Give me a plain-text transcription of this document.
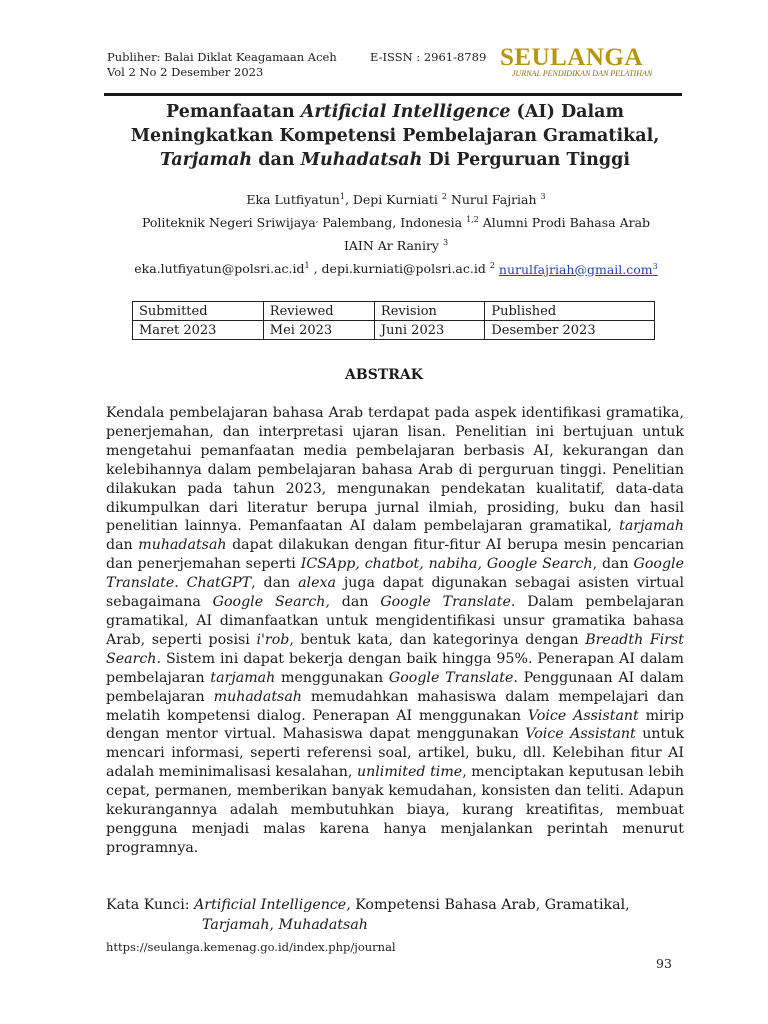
Publiher: Balai Diklat Keagamaan Aceh
Vol 2 No 2 Desember 2023
E-ISSN : 2961-8789 SEULANGA
JURNAL PENDIDIKAN DAN PELATIHAN
Pemanfaatan Artificial Intelligence (AI) Dalam
Meningkatkan Kompetensi Pembelajaran Gramatikal,
Tarjamah dan Muhadatsah Di Perguruan Tinggi
Eka Lutfiyatun$^1$, Depi Kurniati $^2$ Nurul Fajriah $^3$
Politeknik Negeri Sriwijaya, Palembang, Indonesia $^{1,2}$ Alumni Prodi Bahasa Arab
IAIN Ar Raniry $^3$
$eka.lutfiyatun@polsri.ac.id^1$ , depi.kurniati@polsri.ac.id $^2$ nurulfajriah@gmail.com$^3$
Submitted	Reviewed	Revision	Published
Maret 2023	Mei 2023	Juni 2023	Desember 2023
ABSTRAK

Kendala pembelajaran bahasa Arab terdapat pada aspek identifikasi gramatika, penerjemahan, dan interpretasi ujaran lisan. Penelitian ini bertujuan untuk mengetahui pemanfaatan media pembelajaran berbasis AI, kekurangan dan kelebihannya dalam pembelajaran bahasa Arab di perguruan tinggi. Penelitian dilakukan pada tahun 2023, mengunakan pendekatan kualitatif, data-data dikumpulkan dari literatur berupa jurnal ilmiah, prosiding, buku dan hasil penelitian lainnya. Pemanfaatan AI dalam pembelajaran gramatikal, tarjamah dan muhadatsah dapat dilakukan dengan fitur-fitur AI berupa mesin pencarian dan penerjemahan seperti ICSApp, chatbot, nabiha, Google Search, dan Google Translate. ChatGPT, dan alexa juga dapat digunakan sebagai asisten virtual sebagaimana Google Search, dan Google Translate. Dalam pembelajaran gramatikal, AI dimanfaatkan untuk mengidentifikasi unsur gramatika bahasa Arab, seperti posisi i'rob, bentuk kata, dan kategorinya dengan Breadth First Search. Sistem ini dapat bekerja dengan baik hingga 95%. Penerapan AI dalam pembelajaran tarjamah menggunakan Google Translate. Penggunaan AI dalam pembelajaran muhadatsah memudahkan mahasiswa dalam mempelajari dan melatih kompetensi dialog. Penerapan AI menggunakan Voice Assistant mirip dengan mentor virtual. Mahasiswa dapat menggunakan Voice Assistant untuk mencari informasi, seperti referensi soal, artikel, buku, dll. Kelebihan fitur AI adalah meminimalisasi kesalahan, unlimited time, menciptakan keputusan lebih cepat, permanen, memberikan banyak kemudahan, konsisten dan teliti. Adapun kekurangannya adalah membutuhkan biaya, kurang kreatifitas, membuat pengguna menjadi malas karena hanya menjalankan perintah menurut programnya.

Kata Kunci: Artificial Intelligence, Kompetensi Bahasa Arab, Gramatikal,
Tarjamah, Muhadatsah
https://seulanga.kemenag.go.id/index.php/journal
93
